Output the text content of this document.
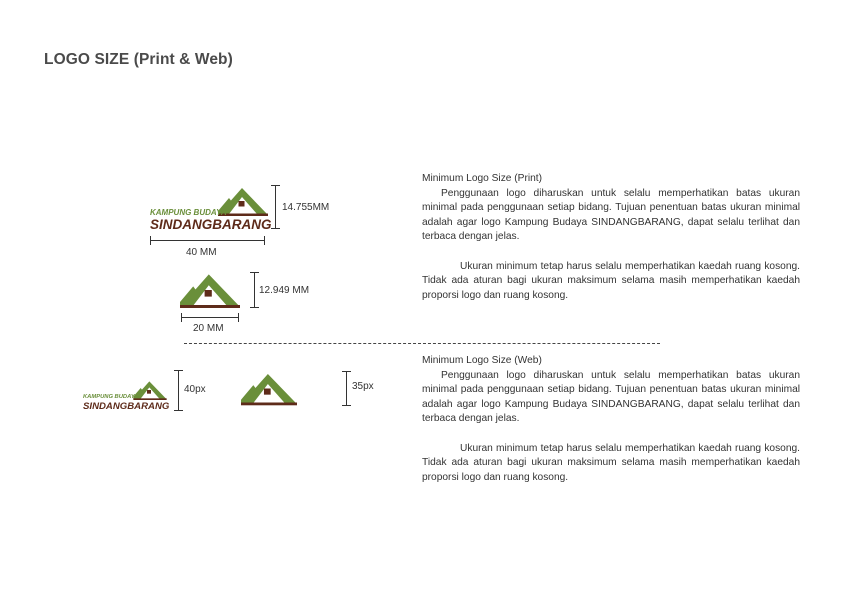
LOGO SIZE (Print & Web)
KAMPUNG BUDAYA
SINDANGBARANG
14.755MM
40 MM
12.949 MM
20 MM
KAMPUNG BUDAYA
SINDANGBARANG
40px	35px
Minimum Logo Size (Print)

Penggunaan logo diharuskan untuk selalu memperhatikan batas ukuran minimal pada penggunaan setiap bidang. Tujuan penentuan batas ukuran minimal adalah agar logo Kampung Budaya SINDANGBARANG, dapat selalu terlihat dan terbaca dengan jelas.

Ukuran minimum tetap harus selalu memperhatikan kaedah ruang kosong. Tidak ada aturan bagi ukuran maksimum selama masih memperhatikan kaedah proporsi logo dan ruang kosong.

Minimum Logo Size (Web)

Penggunaan logo diharuskan untuk selalu memperhatikan batas ukuran minimal pada penggunaan setiap bidang. Tujuan penentuan batas ukuran minimal adalah agar logo Kampung Budaya SINDANGBARANG, dapat selalu terlihat dan terbaca dengan jelas.

Ukuran minimum tetap harus selalu memperhatikan kaedah ruang kosong. Tidak ada aturan bagi ukuran maksimum selama masih memperhatikan kaedah proporsi logo dan ruang kosong.
